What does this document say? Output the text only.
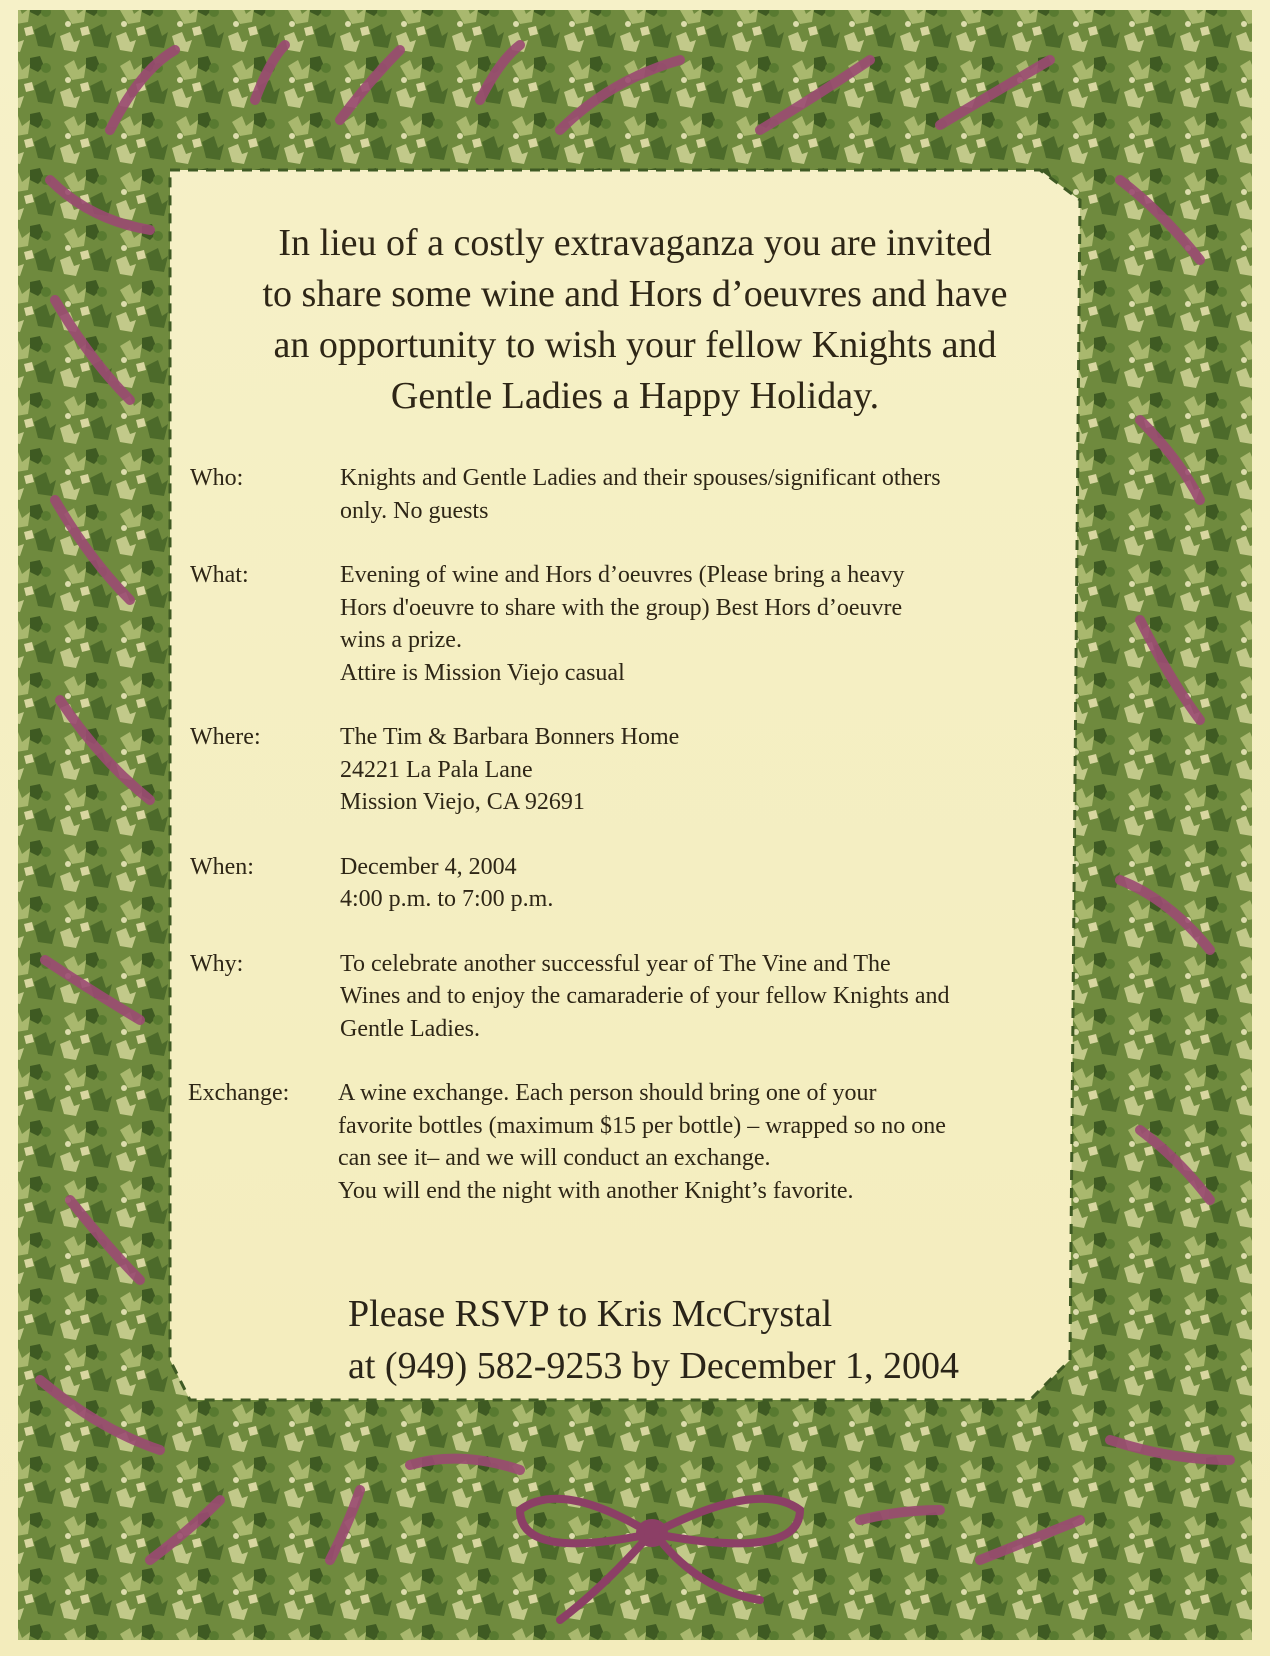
In lieu of a costly extravaganza you are invited
to share some wine and Hors d’oeuvres and have
an opportunity to wish your fellow Knights and
Gentle Ladies a Happy Holiday.
Who:	Knights and Gentle Ladies and their spouses/significant others
only. No guests
What:	Evening of wine and Hors d’oeuvres (Please bring a heavy
Hors d'oeuvre to share with the group) Best Hors d’oeuvre
wins a prize.
Attire is Mission Viejo casual
Where:	The Tim & Barbara Bonners Home
24221 La Pala Lane
Mission Viejo, CA 92691
When:	December 4, 2004
4:00 p.m. to 7:00 p.m.
Why:	To celebrate another successful year of The Vine and The
Wines and to enjoy the camaraderie of your fellow Knights and
Gentle Ladies.
Exchange:	A wine exchange. Each person should bring one of your
favorite bottles (maximum $15 per bottle) – wrapped so no one
can see it– and we will conduct an exchange.
You will end the night with another Knight’s favorite.
Please RSVP to Kris McCrystal
at (949) 582-9253 by December 1, 2004
